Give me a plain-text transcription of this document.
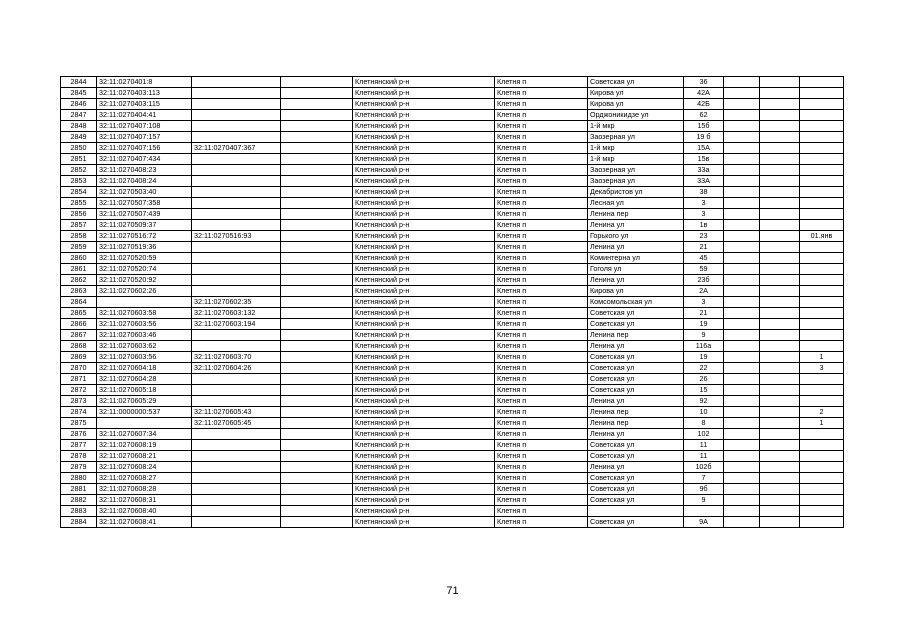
2844	32:11:0270401:8			Клетнянский р-н	Клетня п	Советская ул	36			
2845	32:11:0270403:113			Клетнянский р-н	Клетня п	Кирова ул	42А			
2846	32:11:0270403:115			Клетнянский р-н	Клетня п	Кирова ул	42Б			
2847	32:11:0270404:41			Клетнянский р-н	Клетня п	Орджоникидзе ул	62			
2848	32:11:0270407:108			Клетнянский р-н	Клетня п	1-й мкр	15б			
2849	32:11:0270407:157			Клетнянский р-н	Клетня п	Заозерная ул	19 б			
2850	32:11:0270407:156	32:11:0270407:367		Клетнянский р-н	Клетня п	1-й мкр	15А			
2851	32:11:0270407:434			Клетнянский р-н	Клетня п	1-й мкр	15в			
2852	32:11:0270408:23			Клетнянский р-н	Клетня п	Заозерная ул	33а			
2853	32:11:0270408:24			Клетнянский р-н	Клетня п	Заозерная ул	33А			
2854	32:11:0270503:40			Клетнянский р-н	Клетня п	Декабристов ул	38			
2855	32:11:0270507:358			Клетнянский р-н	Клетня п	Лесная ул	3			
2856	32:11:0270507:439			Клетнянский р-н	Клетня п	Ленина пер	3			
2857	32:11:0270509:37			Клетнянский р-н	Клетня п	Ленина ул	1в			
2858	32:11:0270516:72	32:11:0270516:93		Клетнянский р-н	Клетня п	Горького ул	23			01.янв
2859	32:11:0270519:36			Клетнянский р-н	Клетня п	Ленина ул	21			
2860	32:11:0270520:59			Клетнянский р-н	Клетня п	Коминтерна ул	45			
2861	32:11:0270520:74			Клетнянский р-н	Клетня п	Гоголя ул	59			
2862	32:11:0270520:92			Клетнянский р-н	Клетня п	Ленина ул	23б			
2863	32:11:0270602:26			Клетнянский р-н	Клетня п	Кирова ул	2А			
2864		32:11:0270602:35		Клетнянский р-н	Клетня п	Комсомольская ул	3			
2865	32:11:0270603:58	32:11:0270603:132		Клетнянский р-н	Клетня п	Советская ул	21			
2866	32:11:0270603:56	32:11:0270603:194		Клетнянский р-н	Клетня п	Советская ул	19			
2867	32:11:0270603:46			Клетнянский р-н	Клетня п	Ленина пер	9			
2868	32:11:0270603:62			Клетнянский р-н	Клетня п	Ленина ул	116а			
2869	32:11:0270603:56	32:11:0270603:70		Клетнянский р-н	Клетня п	Советская ул	19			1
2870	32:11:0270604:18	32:11:0270604:26		Клетнянский р-н	Клетня п	Советская ул	22			3
2871	32:11:0270604:28			Клетнянский р-н	Клетня п	Советская ул	26			
2872	32:11:0270605:18			Клетнянский р-н	Клетня п	Советская ул	15			
2873	32:11:0270605:29			Клетнянский р-н	Клетня п	Ленина ул	92			
2874	32:11:0000000:537	32:11:0270605:43		Клетнянский р-н	Клетня п	Ленина пер	10			2
2875		32:11:0270605:45		Клетнянский р-н	Клетня п	Ленина пер	8			1
2876	32:11:0270607:34			Клетнянский р-н	Клетня п	Ленина ул	102			
2877	32:11:0270608:19			Клетнянский р-н	Клетня п	Советская ул	11			
2878	32:11:0270608:21			Клетнянский р-н	Клетня п	Советская ул	11			
2879	32:11:0270608:24			Клетнянский р-н	Клетня п	Ленина ул	102б			
2880	32:11:0270608:27			Клетнянский р-н	Клетня п	Советская ул	7			
2881	32:11:0270608:28			Клетнянский р-н	Клетня п	Советская ул	9б			
2882	32:11:0270608:31			Клетнянский р-н	Клетня п	Советская ул	9			
2883	32:11:0270608:40			Клетнянский р-н	Клетня п					
2884	32:11:0270608:41			Клетнянский р-н	Клетня п	Советская ул	9А			
71
